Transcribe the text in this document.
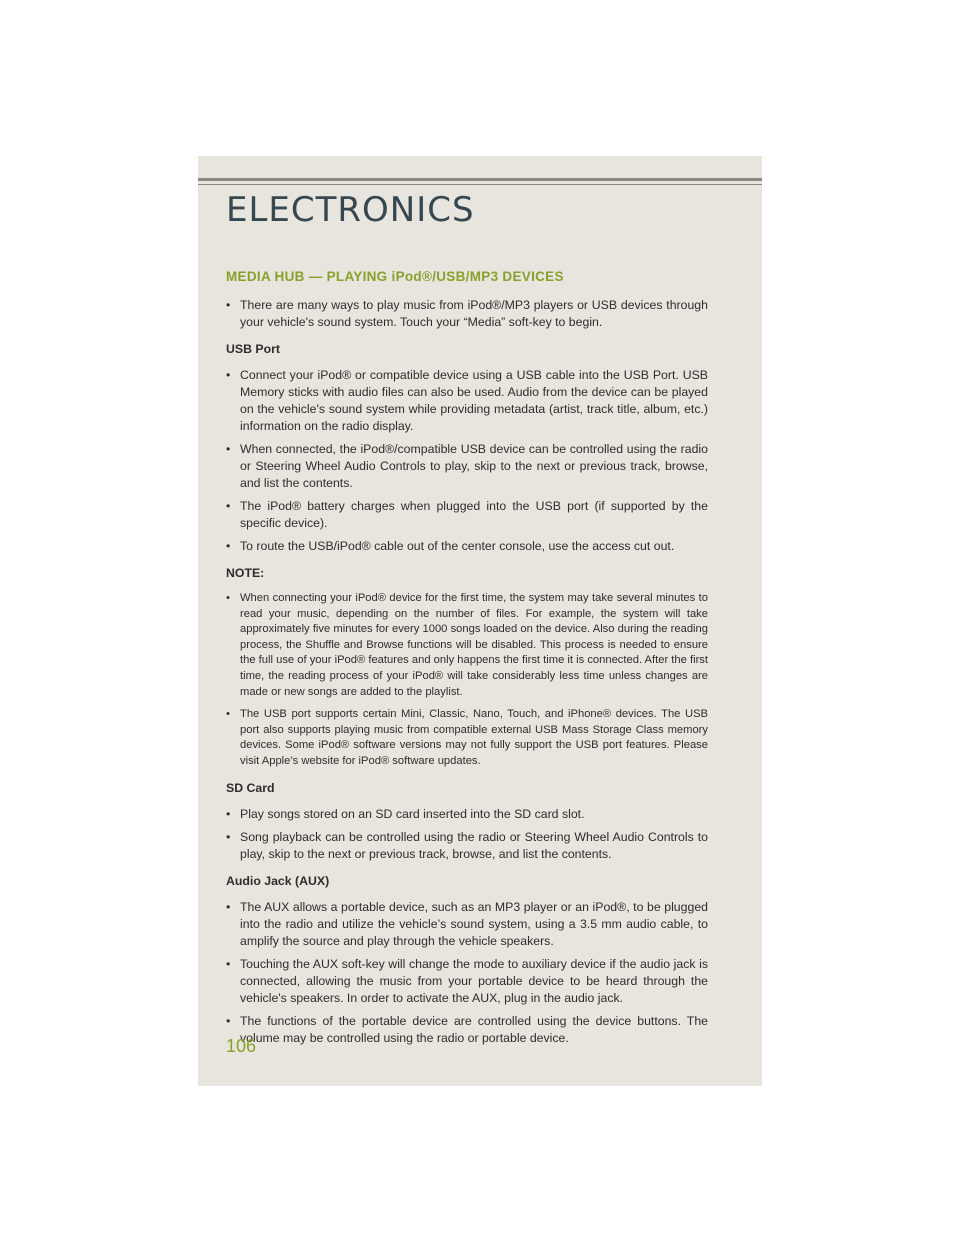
ELECTRONICS
MEDIA HUB — PLAYING iPod®/USB/MP3 DEVICES
• There are many ways to play music from iPod®/MP3 players or USB devices through your vehicle's sound system. Touch your “Media” soft-key to begin.
USB Port
• Connect your iPod® or compatible device using a USB cable into the USB Port. USB Memory sticks with audio files can also be used. Audio from the device can be played on the vehicle's sound system while providing metadata (artist, track title, album, etc.) information on the radio display.
• When connected, the iPod®/compatible USB device can be controlled using the radio or Steering Wheel Audio Controls to play, skip to the next or previous track, browse, and list the contents.
• The iPod® battery charges when plugged into the USB port (if supported by the specific device).
• To route the USB/iPod® cable out of the center console, use the access cut out.
NOTE:
• When connecting your iPod® device for the first time, the system may take several minutes to read your music, depending on the number of files. For example, the system will take approximately five minutes for every 1000 songs loaded on the device. Also during the reading process, the Shuffle and Browse functions will be disabled. This process is needed to ensure the full use of your iPod® features and only happens the first time it is connected. After the first time, the reading process of your iPod® will take considerably less time unless changes are made or new songs are added to the playlist.
• The USB port supports certain Mini, Classic, Nano, Touch, and iPhone® devices. The USB port also supports playing music from compatible external USB Mass Storage Class memory devices. Some iPod® software versions may not fully support the USB port features. Please visit Apple’s website for iPod® software updates.
SD Card
• Play songs stored on an SD card inserted into the SD card slot.
• Song playback can be controlled using the radio or Steering Wheel Audio Controls to play, skip to the next or previous track, browse, and list the contents.
Audio Jack (AUX)
• The AUX allows a portable device, such as an MP3 player or an iPod®, to be plugged into the radio and utilize the vehicle’s sound system, using a 3.5 mm audio cable, to amplify the source and play through the vehicle speakers.
• Touching the AUX soft-key will change the mode to auxiliary device if the audio jack is connected, allowing the music from your portable device to be heard through the vehicle's speakers. In order to activate the AUX, plug in the audio jack.
• The functions of the portable device are controlled using the device buttons. The volume may be controlled using the radio or portable device.
106
